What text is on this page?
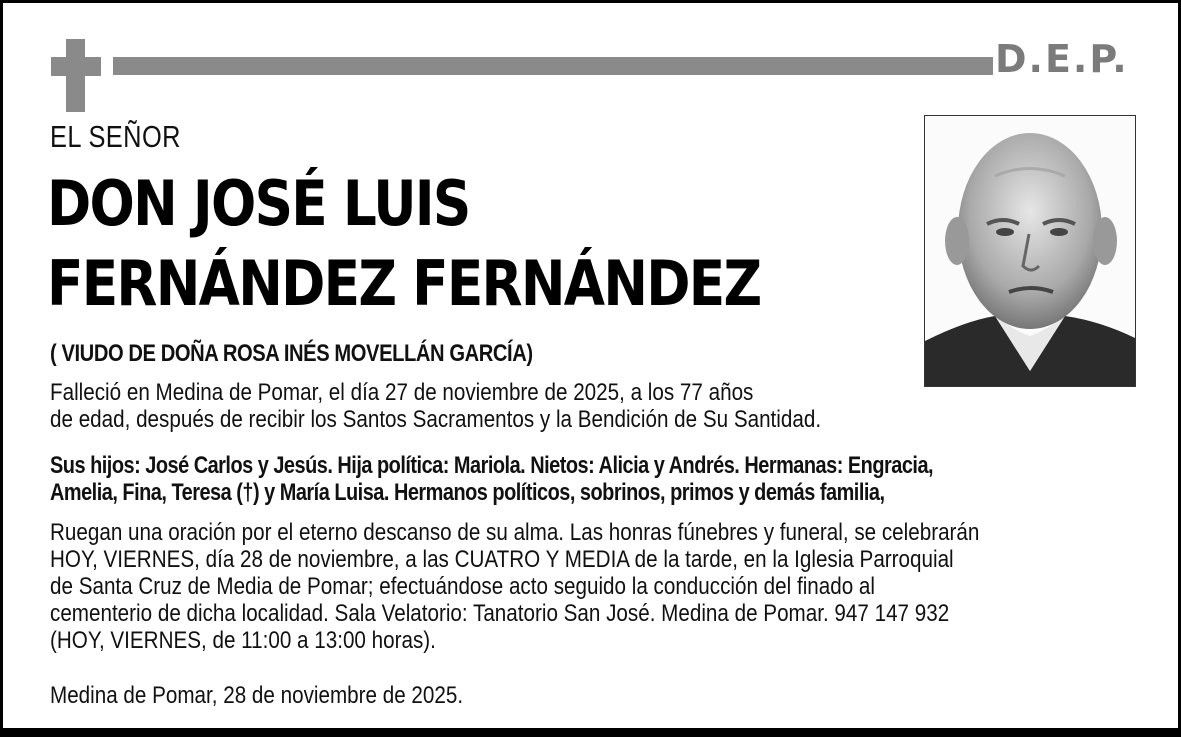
D.E.P.
EL SEÑOR
DON JOSÉ LUIS
FERNÁNDEZ FERNÁNDEZ
( VIUDO DE DOÑA ROSA INÉS MOVELLÁN GARCÍA)
Falleció en Medina de Pomar, el día 27 de noviembre de 2025, a los 77 años
de edad, después de recibir los Santos Sacramentos y la Bendición de Su Santidad.
Sus hijos: José Carlos y Jesús. Hija política: Mariola. Nietos: Alicia y Andrés. Hermanas: Engracia,
Amelia, Fina, Teresa (†) y María Luisa. Hermanos políticos, sobrinos, primos y demás familia,
Ruegan una oración por el eterno descanso de su alma. Las honras fúnebres y funeral, se celebrarán
HOY, VIERNES, día 28 de noviembre, a las CUATRO Y MEDIA de la tarde, en la Iglesia Parroquial
de Santa Cruz de Media de Pomar; efectuándose acto seguido la conducción del finado al
cementerio de dicha localidad. Sala Velatorio: Tanatorio San José. Medina de Pomar. 947 147 932
(HOY, VIERNES, de 11:00 a 13:00 horas).
Medina de Pomar, 28 de noviembre de 2025.
